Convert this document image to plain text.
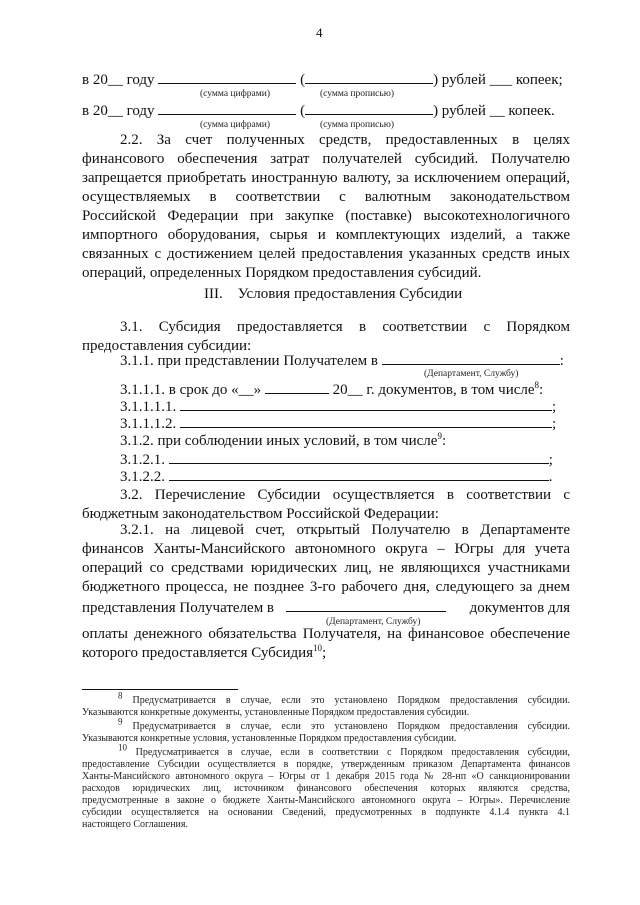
4
в 20__ году	(	) рублей ___ копеек;
(сумма цифрами)	(сумма прописью)
в 20__ году	(	) рублей __ копеек.
(сумма цифрами)	(сумма прописью)
2.2. За счет полученных средств, предоставленных в целях
финансового обеспечения затрат получателей субсидий. Получателю
запрещается приобретать иностранную валюту, за исключением операций,
осуществляемых в соответствии с валютным законодательством
Российской Федерации при закупке (поставке) высокотехнологичного
импортного оборудования, сырья и комплектующих изделий, а также
связанных с достижением целей предоставления указанных средств иных
операций, определенных Порядком предоставления субсидий.
III.    Условия предоставления Субсидии
3.1. Субсидия предоставляется в соответствии с Порядком
предоставления субсидии:
3.1.1. при представлении Получателем в	:
(Департамент, Службу)
3.1.1.1. в срок до «__»	20__ г. документов, в том числе$^8$:
3.1.1.1.1.	;
3.1.1.1.2.	;
3.1.2. при соблюдении иных условий, в том числе$^9$:
3.1.2.1.	;
3.1.2.2.	.
3.2. Перечисление Субсидии осуществляется в соответствии с
бюджетным законодательством Российской Федерации:
3.2.1. на лицевой счет, открытый Получателю в Департаменте
финансов Ханты-Мансийского автономного округа – Югры для учета
операций со средствами юридических лиц, не являющихся участниками
бюджетного процесса, не позднее 3-го рабочего дня, следующего за днем
представления Получателем в	документов для
(Департамент, Службу)
оплаты денежного обязательства Получателя, на финансовое обеспечение
которого предоставляется Субсидия$^{10}$;
$^8$ Предусматривается в случае, если это установлено Порядком предоставления субсидии.
Указываются конкретные документы, установленные Порядком предоставления субсидии.
$^9$ Предусматривается в случае, если это установлено Порядком предоставления субсидии.
Указываются конкретные условия, установленные Порядком предоставления субсидии.
$^{10}$ Предусматривается в случае, если в соответствии с Порядком предоставления субсидии,
предоставление Субсидии осуществляется в порядке, утвержденным приказом Департамента финансов
Ханты-Мансийского автономного округа – Югры от 1 декабря 2015 года № 28-нп «О санкционировании
расходов юридических лиц, источником финансового обеспечения которых являются средства,
предусмотренные в законе о бюджете Ханты-Мансийского автономного округа – Югры». Перечисление
субсидии осуществляется на основании Сведений, предусмотренных в подпункте 4.1.4 пункта 4.1
настоящего Соглашения.
